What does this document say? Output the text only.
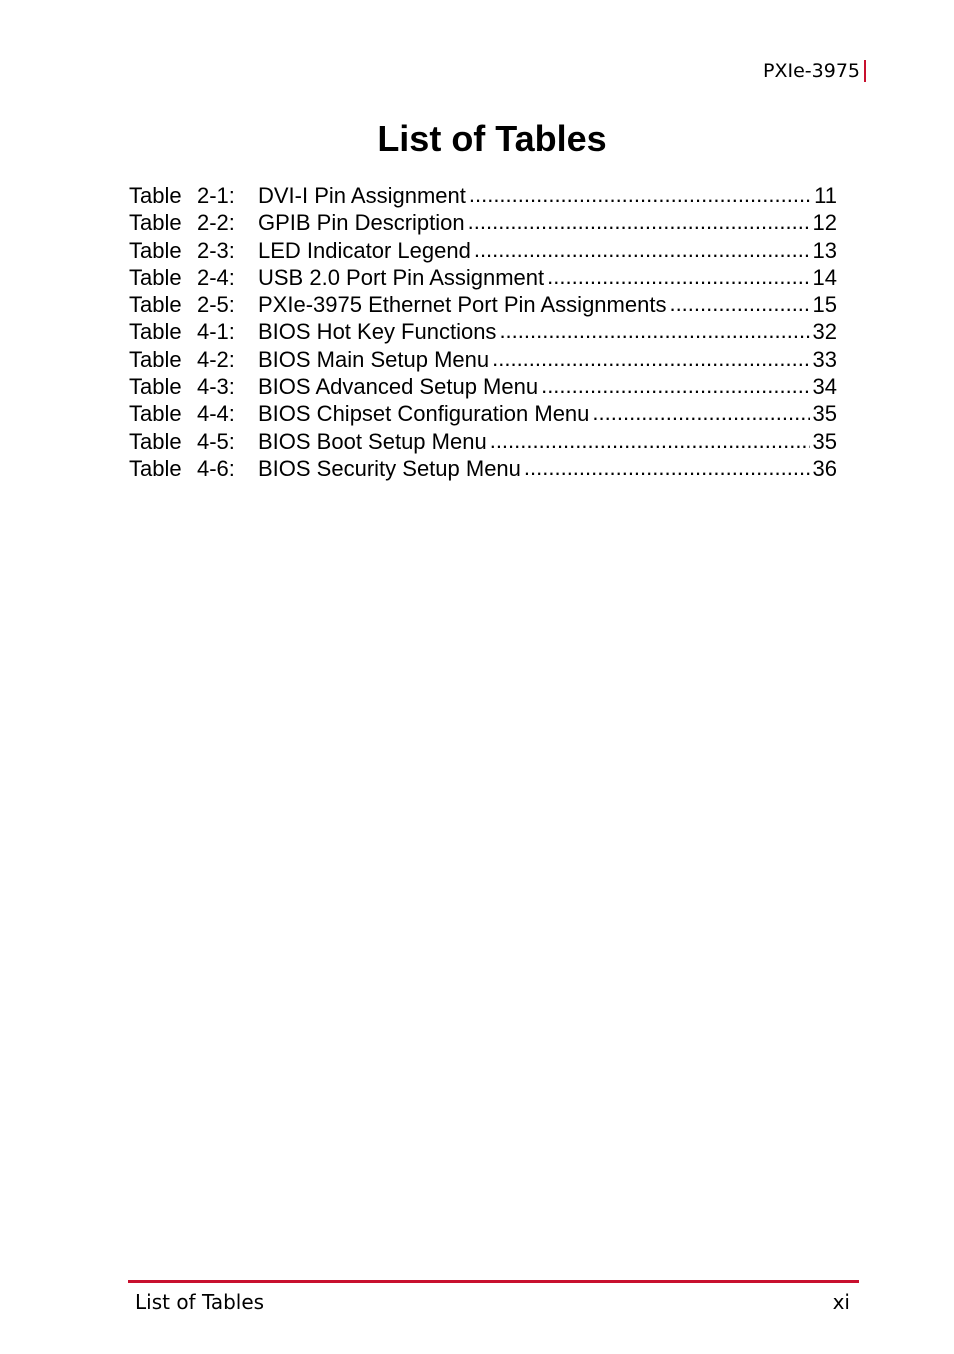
PXIe-3975
List of Tables
Table 2-1:	DVI-I Pin Assignment .....	11
Table 2-2:	GPIB Pin Description .....	12
Table 2-3:	LED Indicator Legend .....	13
Table 2-4:	USB 2.0 Port Pin Assignment .....	14
Table 2-5:	PXIe-3975 Ethernet Port Pin Assignments .....	15
Table 4-1:	BIOS Hot Key Functions .....	32
Table 4-2:	BIOS Main Setup Menu .....	33
Table 4-3:	BIOS Advanced Setup Menu .....	34
Table 4-4:	BIOS Chipset Configuration Menu .....	35
Table 4-5:	BIOS Boot Setup Menu .....	35
Table 4-6:	BIOS Security Setup Menu .....	36
List of Tables	xi
